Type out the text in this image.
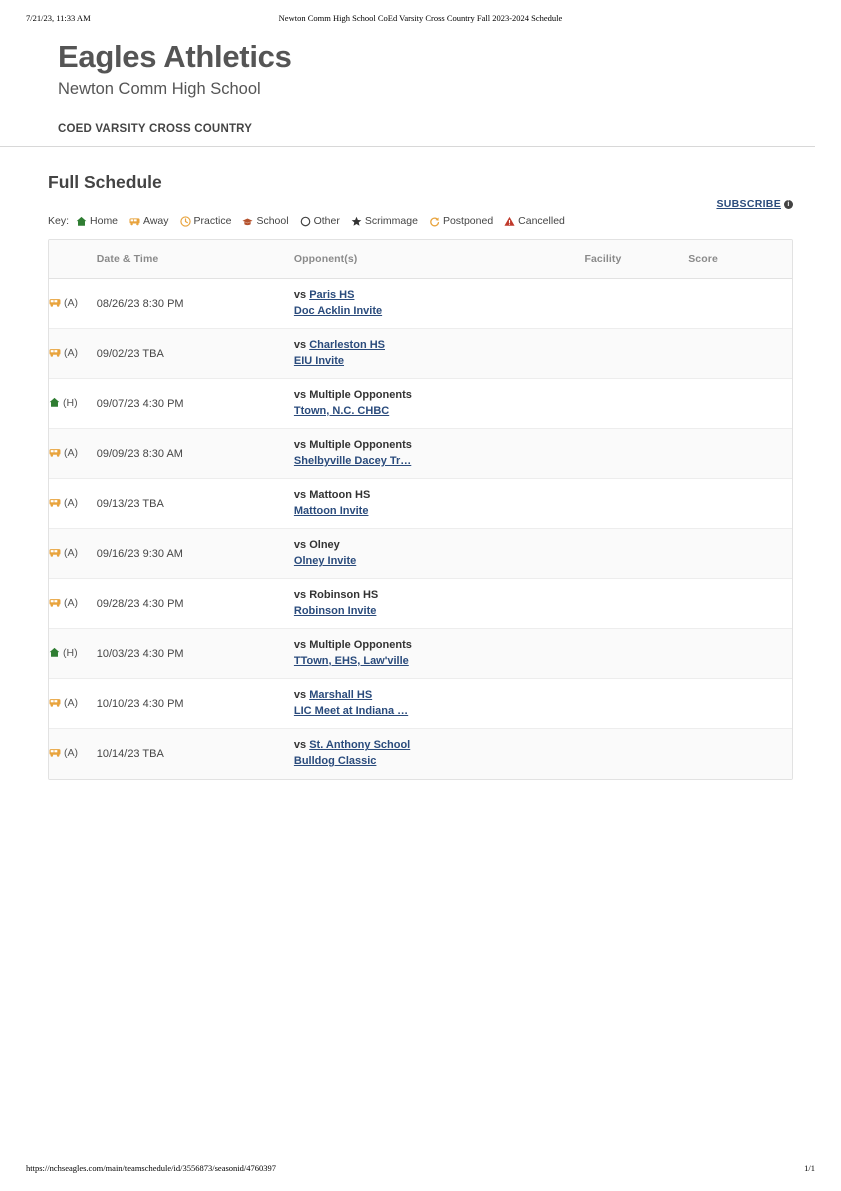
7/21/23, 11:33 AM	Newton Comm High School CoEd Varsity Cross Country Fall 2023-2024 Schedule
Eagles Athletics
Newton Comm High School
COED VARSITY CROSS COUNTRY
Full Schedule
SUBSCRIBE i
Key: Home Away Practice School Other Scrimmage Postponed Cancelled
	Date & Time	Opponent(s)	Facility	Score
(A)	08/26/23 8:30 PM	vs Paris HS
Doc Acklin Invite		

(A)	09/02/23 TBA	vs Charleston HS
EIU Invite		

(H)	09/07/23 4:30 PM	vs Multiple Opponents
Ttown, N.C. CHBC		

(A)	09/09/23 8:30 AM	vs Multiple Opponents
Shelbyville Dacey Tr…		

(A)	09/13/23 TBA	vs Mattoon HS
Mattoon Invite		

(A)	09/16/23 9:30 AM	vs Olney
Olney Invite		

(A)	09/28/23 4:30 PM	vs Robinson HS
Robinson Invite		

(H)	10/03/23 4:30 PM	vs Multiple Opponents
TTown, EHS, Law'ville		

(A)	10/10/23 4:30 PM	vs Marshall HS
LIC Meet at Indiana …		

(A)	10/14/23 TBA	vs St. Anthony School
Bulldog Classic		

https://nchseagles.com/main/teamschedule/id/3556873/seasonid/4760397	1/1
